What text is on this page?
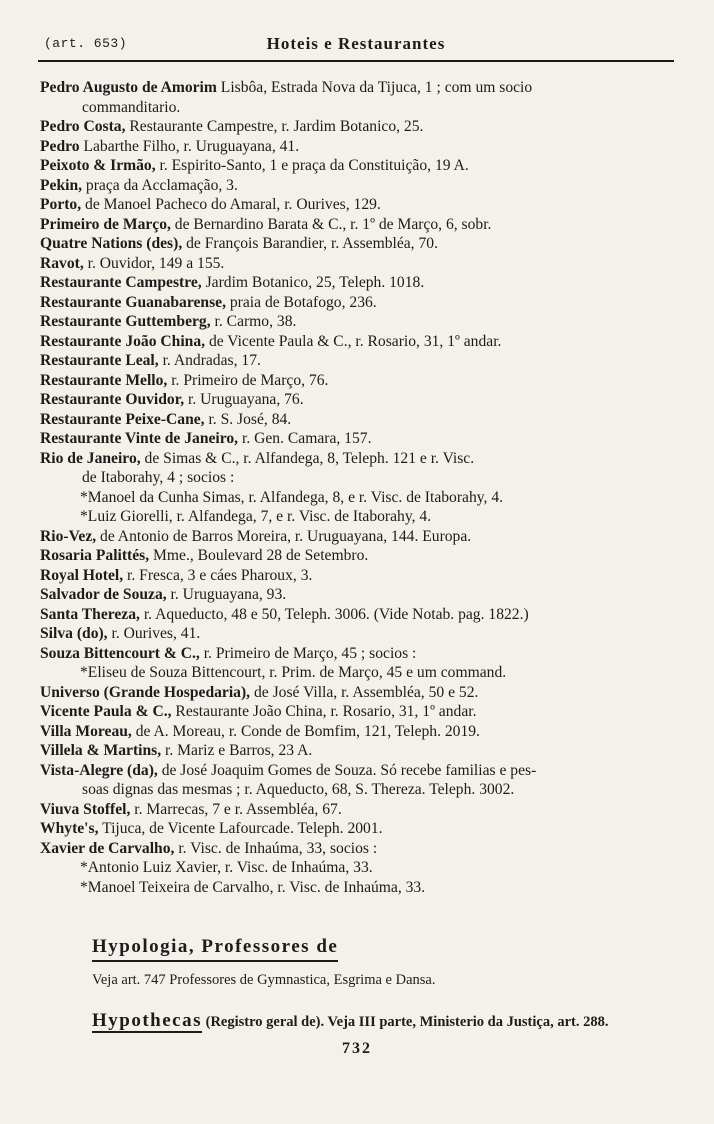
(art. 653)	Hoteis e Restaurantes
Pedro Augusto de Amorim Lisbôa, Estrada Nova da Tijuca, 1 ; com um socio
commanditario.
Pedro Costa, Restaurante Campestre, r. Jardim Botanico, 25.
Pedro Labarthe Filho, r. Uruguayana, 41.
Peixoto & Irmão, r. Espirito-Santo, 1 e praça da Constituição, 19 A.
Pekin, praça da Acclamação, 3.
Porto, de Manoel Pacheco do Amaral, r. Ourives, 129.
Primeiro de Março, de Bernardino Barata & C., r. 1º de Março, 6, sobr.
Quatre Nations (des), de François Barandier, r. Assembléa, 70.
Ravot, r. Ouvidor, 149 a 155.
Restaurante Campestre, Jardim Botanico, 25, Teleph. 1018.
Restaurante Guanabarense, praia de Botafogo, 236.
Restaurante Guttemberg, r. Carmo, 38.
Restaurante João China, de Vicente Paula & C., r. Rosario, 31, 1º andar.
Restaurante Leal, r. Andradas, 17.
Restaurante Mello, r. Primeiro de Março, 76.
Restaurante Ouvidor, r. Uruguayana, 76.
Restaurante Peixe-Cane, r. S. José, 84.
Restaurante Vinte de Janeiro, r. Gen. Camara, 157.
Rio de Janeiro, de Simas & C., r. Alfandega, 8, Teleph. 121 e r. Visc.
de Itaborahy, 4 ; socios :
*Manoel da Cunha Simas, r. Alfandega, 8, e r. Visc. de Itaborahy, 4.
*Luiz Giorelli, r. Alfandega, 7, e r. Visc. de Itaborahy, 4.
Rio-Vez, de Antonio de Barros Moreira, r. Uruguayana, 144. Europa.
Rosaria Palittés, Mme., Boulevard 28 de Setembro.
Royal Hotel, r. Fresca, 3 e cáes Pharoux, 3.
Salvador de Souza, r. Uruguayana, 93.
Santa Thereza, r. Aqueducto, 48 e 50, Teleph. 3006. (Vide Notab. pag. 1822.)
Silva (do), r. Ourives, 41.
Souza Bittencourt & C., r. Primeiro de Março, 45 ; socios :
*Eliseu de Souza Bittencourt, r. Prim. de Março, 45 e um command.
Universo (Grande Hospedaria), de José Villa, r. Assembléa, 50 e 52.
Vicente Paula & C., Restaurante João China, r. Rosario, 31, 1º andar.
Villa Moreau, de A. Moreau, r. Conde de Bomfim, 121, Teleph. 2019.
Villela & Martins, r. Mariz e Barros, 23 A.
Vista-Alegre (da), de José Joaquim Gomes de Souza. Só recebe familias e pes-
soas dignas das mesmas ; r. Aqueducto, 68, S. Thereza. Teleph. 3002.
Viuva Stoffel, r. Marrecas, 7 e r. Assembléa, 67.
Whyte's, Tijuca, de Vicente Lafourcade. Teleph. 2001.
Xavier de Carvalho, r. Visc. de Inhaúma, 33, socios :
*Antonio Luiz Xavier, r. Visc. de Inhaúma, 33.
*Manoel Teixeira de Carvalho, r. Visc. de Inhaúma, 33.
Hypologia, Professores de
Veja art. 747 Professores de Gymnastica, Esgrima e Dansa.
Hypothecas (Registro geral de). Veja III parte, Ministerio da Justiça, art. 288.
732
